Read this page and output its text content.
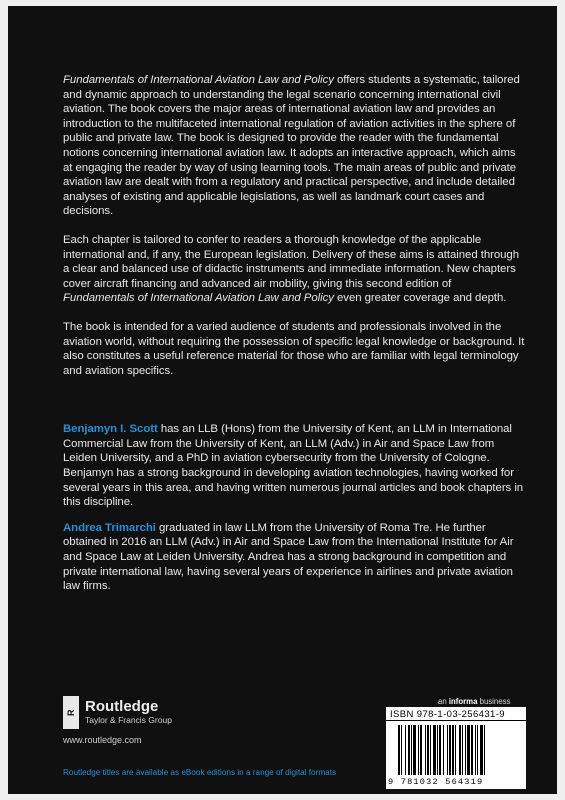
Fundamentals of International Aviation Law and Policy offers students a systematic, tailored and dynamic approach to understanding the legal scenario concerning international civil aviation. The book covers the major areas of international aviation law and provides an introduction to the multifaceted international regulation of aviation activities in the sphere of public and private law. The book is designed to provide the reader with the fundamental notions concerning international aviation law. It adopts an interactive approach, which aims at engaging the reader by way of using learning tools. The main areas of public and private aviation law are dealt with from a regulatory and practical perspective, and include detailed analyses of existing and applicable legislations, as well as landmark court cases and decisions.

Each chapter is tailored to confer to readers a thorough knowledge of the applicable international and, if any, the European legislation. Delivery of these aims is attained through a clear and balanced use of didactic instruments and immediate information. New chapters cover aircraft financing and advanced air mobility, giving this second edition of Fundamentals of International Aviation Law and Policy even greater coverage and depth.

The book is intended for a varied audience of students and professionals involved in the aviation world, without requiring the possession of specific legal knowledge or background. It also constitutes a useful reference material for those who are familiar with legal terminology and aviation specifics.

Benjamyn I. Scott has an LLB (Hons) from the University of Kent, an LLM in International Commercial Law from the University of Kent, an LLM (Adv.) in Air and Space Law from Leiden University, and a PhD in aviation cybersecurity from the University of Cologne. Benjamyn has a strong background in developing aviation technologies, having worked for several years in this area, and having written numerous journal articles and book chapters in this discipline.

Andrea Trimarchi graduated in law LLM from the University of Roma Tre. He further obtained in 2016 an LLM (Adv.) in Air and Space Law from the International Institute for Air and Space Law at Leiden University. Andrea has a strong background in competition and private international law, having several years of experience in airlines and private aviation law firms.

R Routledge
Taylor & Francis Group
www.routledge.com
Routledge titles are available as eBook editions in a range of digital formats
an informa business
ISBN 978-1-03-256431-9
9 781032 564319
